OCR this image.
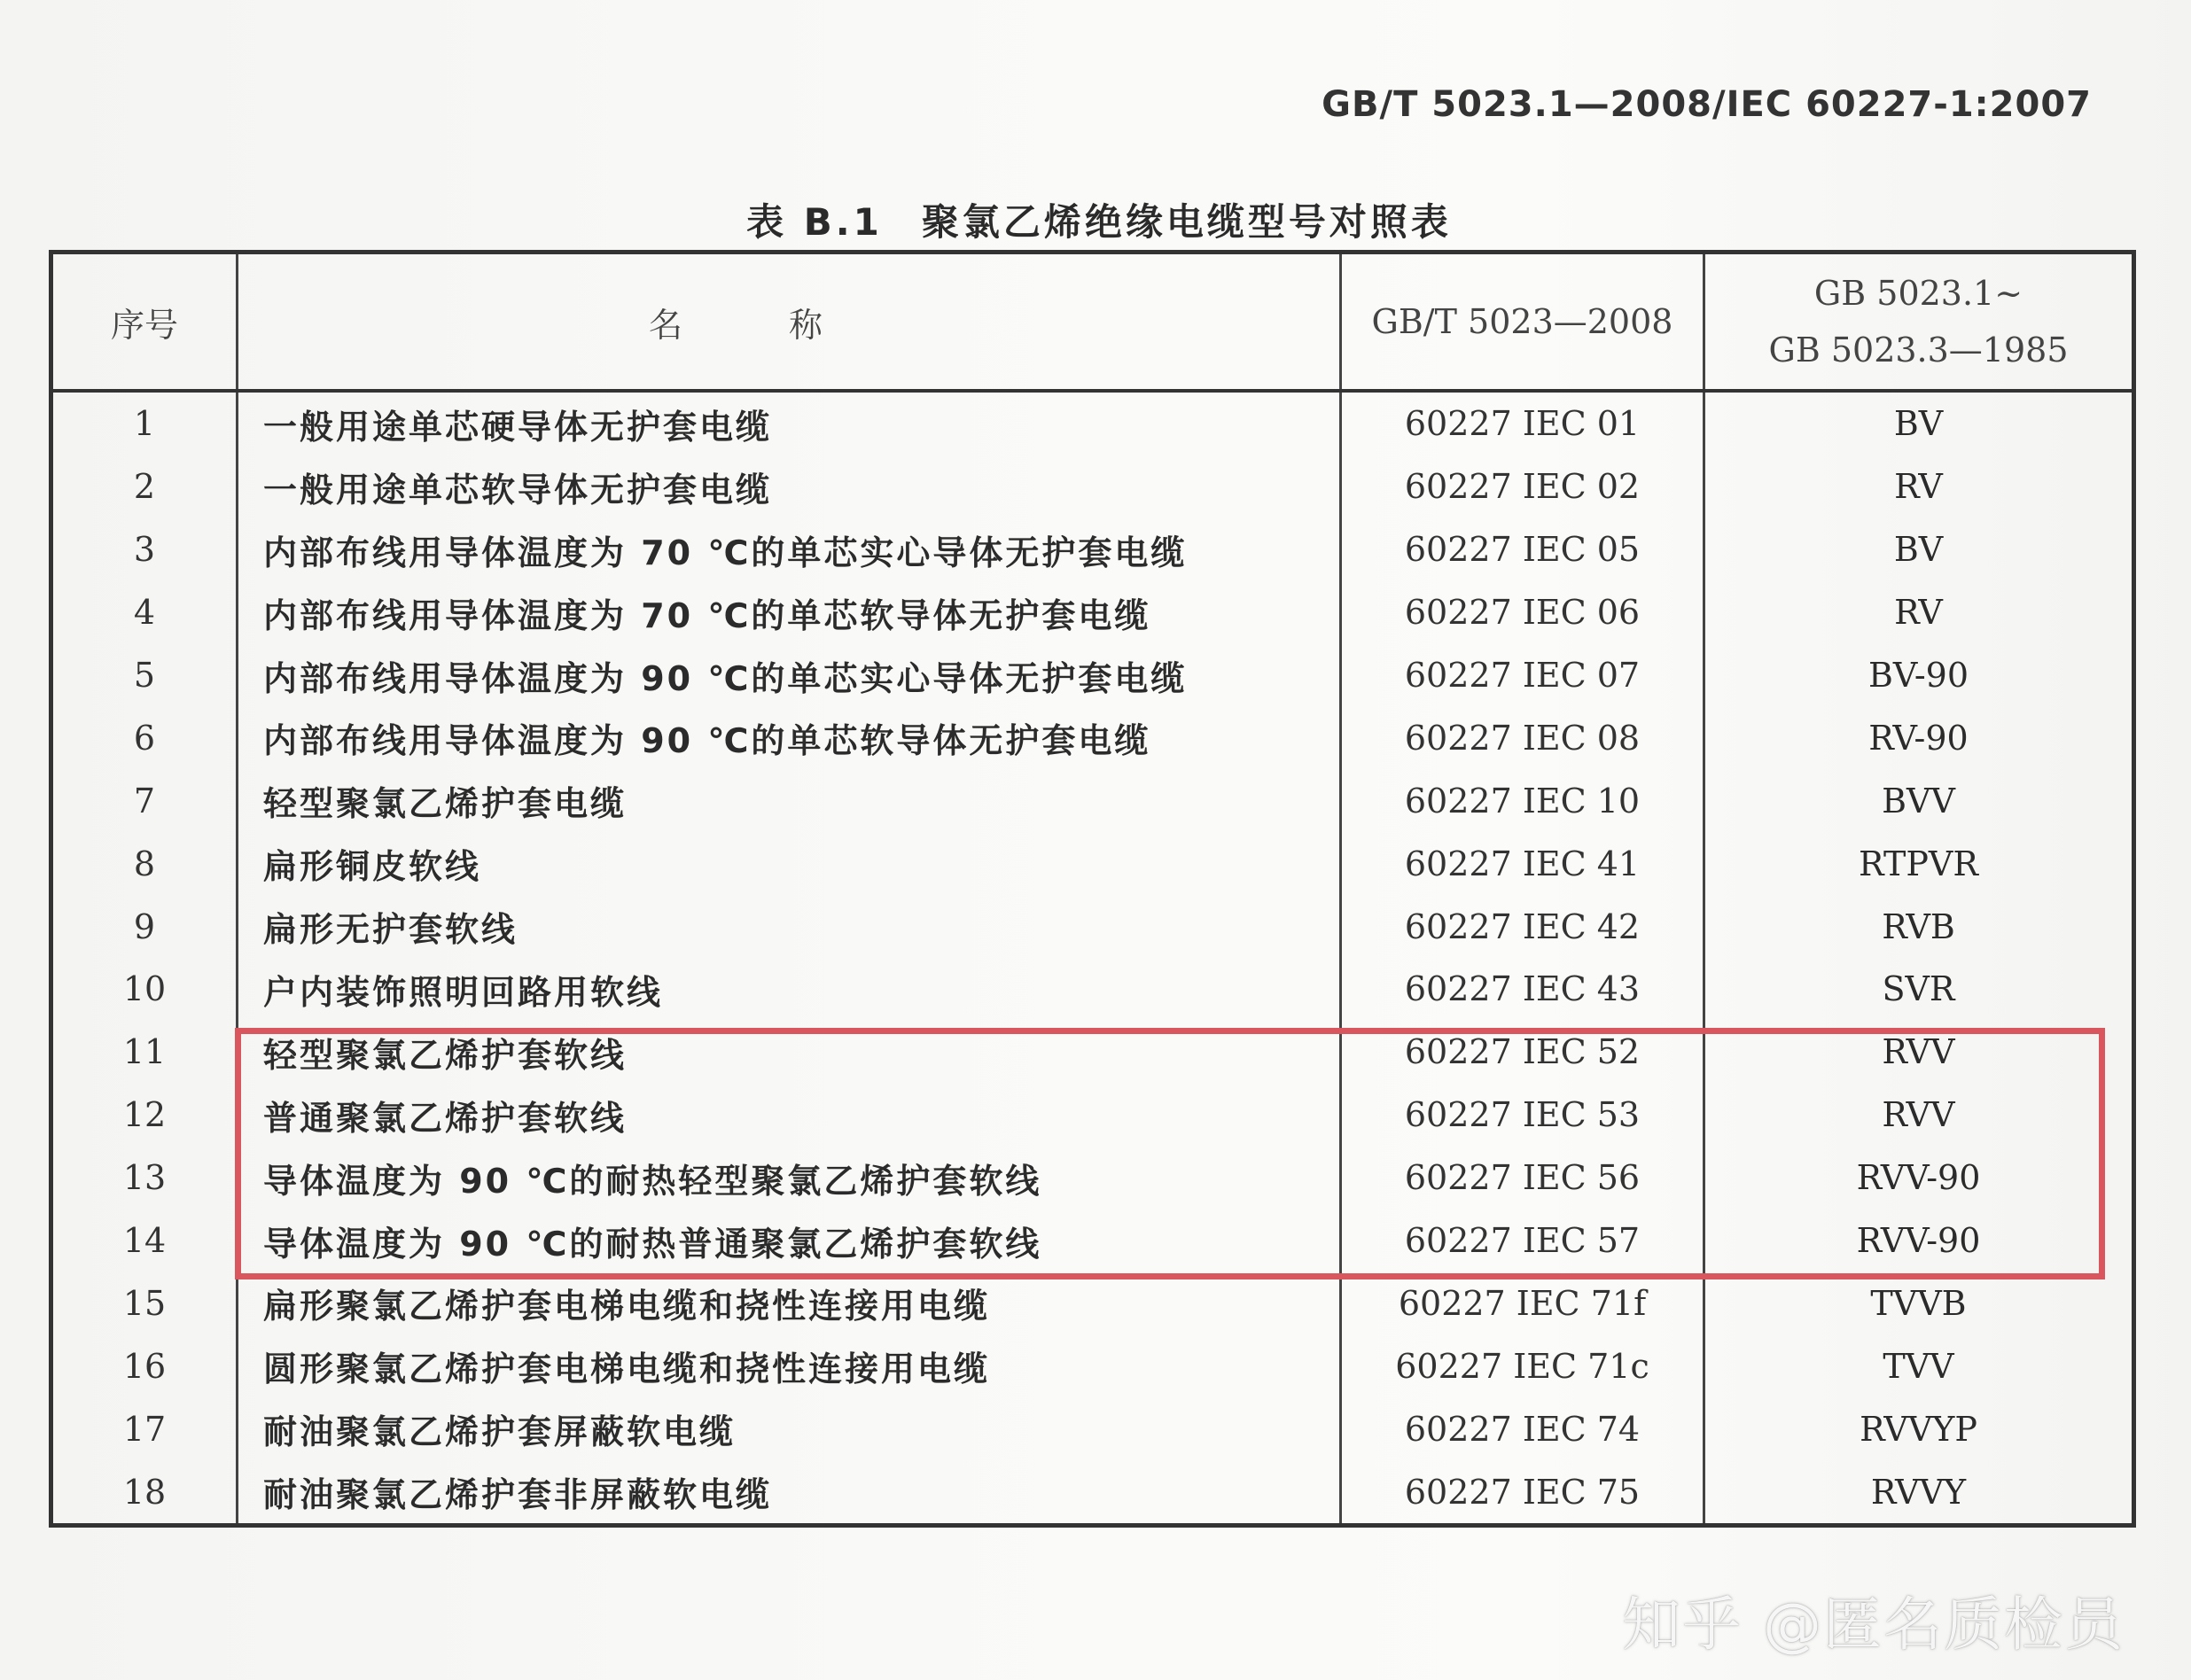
GB/T 5023.1—2008/IEC 60227-1:2007
表 B.1 聚氯乙烯绝缘电缆型号对照表
序号	名称	GB/T 5023—2008	GB 5023.1~
GB 5023.3—1985

1	一般用途单芯硬导体无护套电缆	60227 IEC 01	BV
2	一般用途单芯软导体无护套电缆	60227 IEC 02	RV
3	内部布线用导体温度为 70 ℃的单芯实心导体无护套电缆	60227 IEC 05	BV
4	内部布线用导体温度为 70 ℃的单芯软导体无护套电缆	60227 IEC 06	RV
5	内部布线用导体温度为 90 ℃的单芯实心导体无护套电缆	60227 IEC 07	BV-90
6	内部布线用导体温度为 90 ℃的单芯软导体无护套电缆	60227 IEC 08	RV-90
7	轻型聚氯乙烯护套电缆	60227 IEC 10	BVV
8	扁形铜皮软线	60227 IEC 41	RTPVR
9	扁形无护套软线	60227 IEC 42	RVB
10	户内装饰照明回路用软线	60227 IEC 43	SVR
11	轻型聚氯乙烯护套软线	60227 IEC 52	RVV
12	普通聚氯乙烯护套软线	60227 IEC 53	RVV
13	导体温度为 90 ℃的耐热轻型聚氯乙烯护套软线	60227 IEC 56	RVV-90
14	导体温度为 90 ℃的耐热普通聚氯乙烯护套软线	60227 IEC 57	RVV-90
15	扁形聚氯乙烯护套电梯电缆和挠性连接用电缆	60227 IEC 71f	TVVB
16	圆形聚氯乙烯护套电梯电缆和挠性连接用电缆	60227 IEC 71c	TVV
17	耐油聚氯乙烯护套屏蔽软电缆	60227 IEC 74	RVVYP
18	耐油聚氯乙烯护套非屏蔽软电缆	60227 IEC 75	RVVY
知乎 @匿名质检员
